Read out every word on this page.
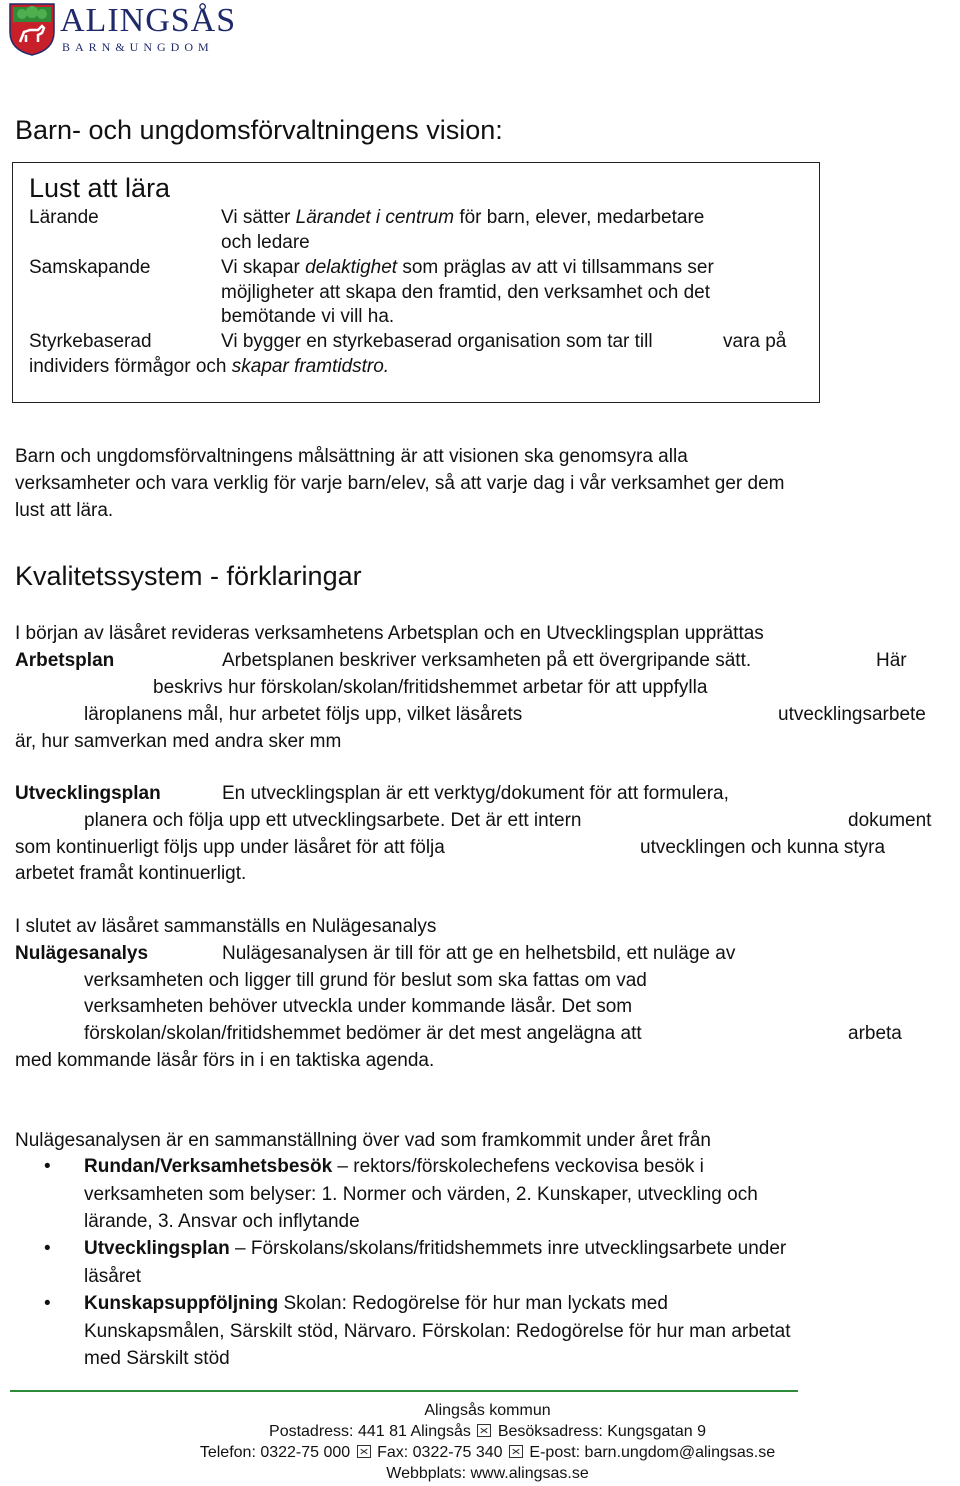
ALINGSÅS
BARN&UNGDOM
Barn- och ungdomsförvaltningens vision:
Lust att lära
Lärande	Vi sätter Lärandet i centrum för barn, elever, medarbetare
och ledare
Samskapande	Vi skapar delaktighet som präglas av att vi tillsammans ser
möjligheter att skapa den framtid, den verksamhet och det
bemötande vi vill ha.
Styrkebaserad	Vi bygger en styrkebaserad organisation som tar till	vara på
individers förmågor och skapar framtidstro.
Barn och ungdomsförvaltningens målsättning är att visionen ska genomsyra alla
verksamheter och vara verklig för varje barn/elev, så att varje dag i vår verksamhet ger dem
lust att lära.
Kvalitetssystem - förklaringar
I början av läsåret revideras verksamhetens Arbetsplan och en Utvecklingsplan upprättas
Arbetsplan	Arbetsplanen beskriver verksamheten på ett övergripande sätt.	Här
beskrivs hur förskolan/skolan/fritidshemmet arbetar för att uppfylla
läroplanens mål, hur arbetet följs upp, vilket läsårets	utvecklingsarbete
är, hur samverkan med andra sker mm
Utvecklingsplan	En utvecklingsplan är ett verktyg/dokument för att formulera,
planera och följa upp ett utvecklingsarbete. Det är ett intern	dokument
som kontinuerligt följs upp under läsåret för att följa	utvecklingen och kunna styra
arbetet framåt kontinuerligt.
I slutet av läsåret sammanställs en Nulägesanalys
Nulägesanalys	Nulägesanalysen är till för att ge en helhetsbild, ett nuläge av
verksamheten och ligger till grund för beslut som ska fattas om vad
verksamheten behöver utveckla under kommande läsår. Det som
förskolan/skolan/fritidshemmet bedömer är det mest angelägna att	arbeta
med kommande läsår förs in i en taktiska agenda.
Nulägesanalysen är en sammanställning över vad som framkommit under året från
• Rundan/Verksamhetsbesök – rektors/förskolechefens veckovisa besök i
verksamheten som belyser: 1. Normer och värden, 2. Kunskaper, utveckling och
lärande, 3. Ansvar och inflytande
• Utvecklingsplan – Förskolans/skolans/fritidshemmets inre utvecklingsarbete under
läsåret
• Kunskapsuppföljning Skolan: Redogörelse för hur man lyckats med
Kunskapsmålen, Särskilt stöd, Närvaro. Förskolan: Redogörelse för hur man arbetat
med Särskilt stöd
Alingsås kommun
Postadress: 441 81 Alingsås Besöksadress: Kungsgatan 9
Telefon: 0322-75 000 Fax: 0322-75 340 E-post: barn.ungdom@alingsas.se
Webbplats: www.alingsas.se
